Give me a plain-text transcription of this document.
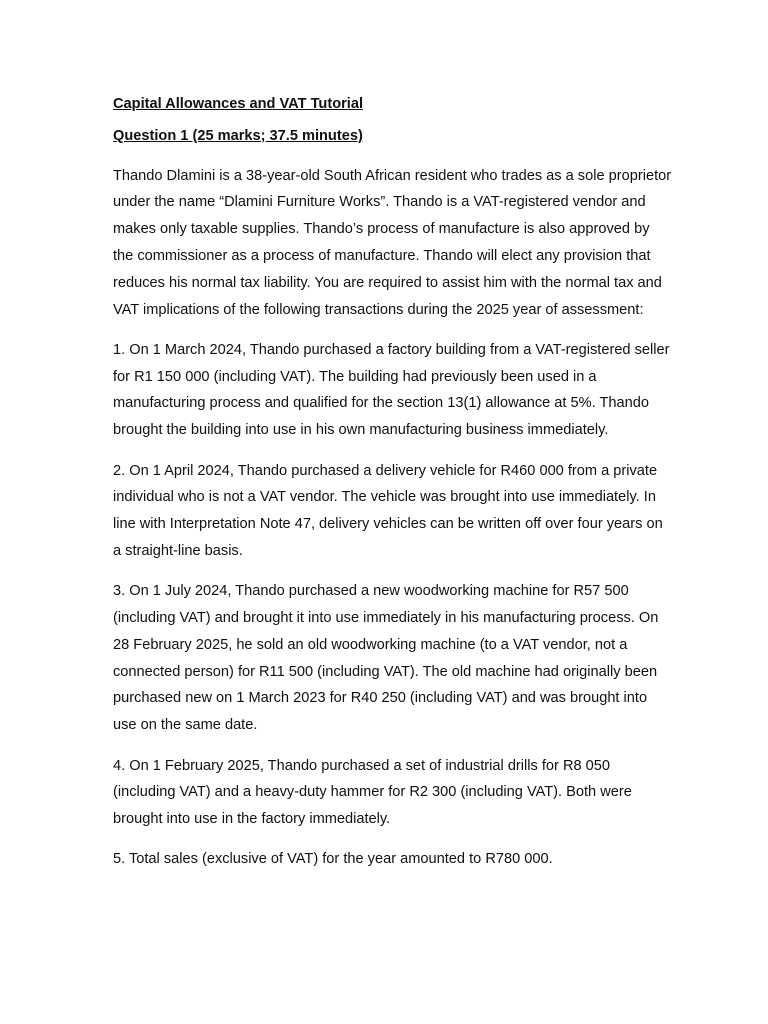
Capital Allowances and VAT Tutorial

Question 1 (25 marks; 37.5 minutes)

Thando Dlamini is a 38-year-old South African resident who trades as a sole proprietor under the name “Dlamini Furniture Works”. Thando is a VAT-registered vendor and makes only taxable supplies. Thando’s process of manufacture is also approved by the commissioner as a process of manufacture. Thando will elect any provision that reduces his normal tax liability. You are required to assist him with the normal tax and VAT implications of the following transactions during the 2025 year of assessment:

1. On 1 March 2024, Thando purchased a factory building from a VAT-registered seller for R1 150 000 (including VAT). The building had previously been used in a manufacturing process and qualified for the section 13(1) allowance at 5%. Thando brought the building into use in his own manufacturing business immediately.

2. On 1 April 2024, Thando purchased a delivery vehicle for R460 000 from a private individual who is not a VAT vendor. The vehicle was brought into use immediately. In line with Interpretation Note 47, delivery vehicles can be written off over four years on a straight-line basis.

3. On 1 July 2024, Thando purchased a new woodworking machine for R57 500 (including VAT) and brought it into use immediately in his manufacturing process. On 28 February 2025, he sold an old woodworking machine (to a VAT vendor, not a connected person) for R11 500 (including VAT). The old machine had originally been purchased new on 1 March 2023 for R40 250 (including VAT) and was brought into use on the same date.

4. On 1 February 2025, Thando purchased a set of industrial drills for R8 050 (including VAT) and a heavy-duty hammer for R2 300 (including VAT). Both were brought into use in the factory immediately.

5. Total sales (exclusive of VAT) for the year amounted to R780 000.
